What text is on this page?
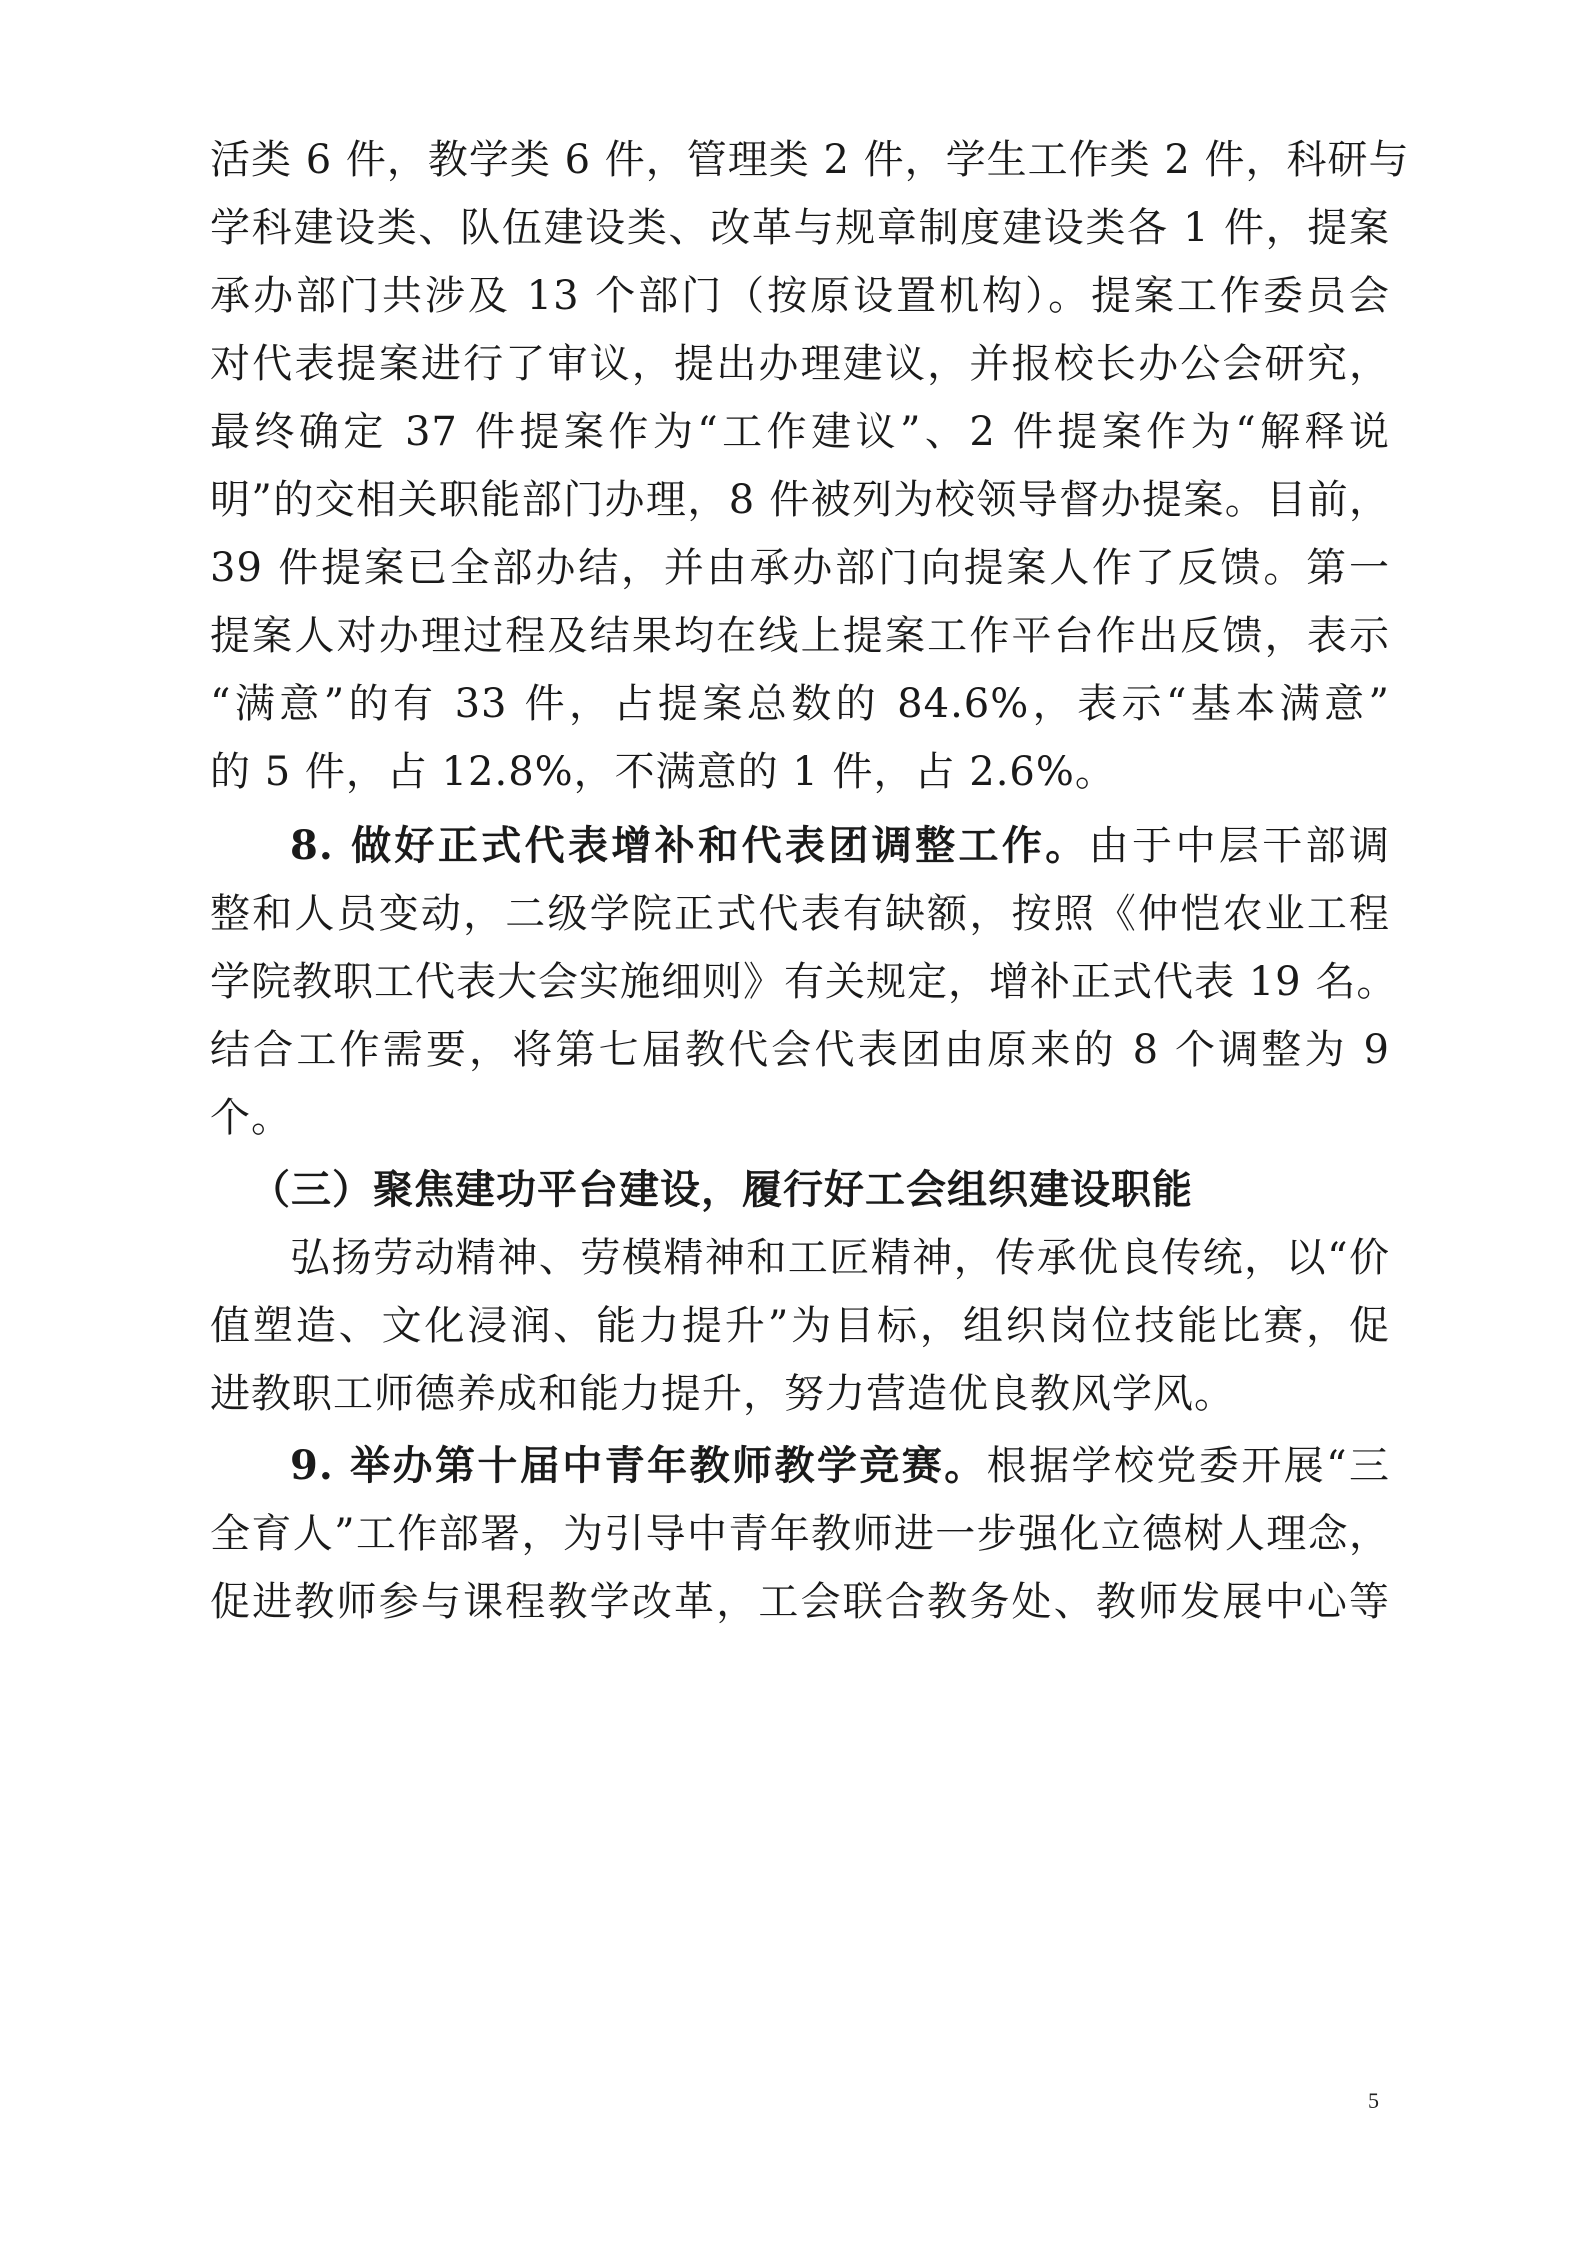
活类 6 件，教学类 6 件，管理类 2 件，学生工作类 2 件，科研与
学科建设类、队伍建设类、改革与规章制度建设类各 1 件，提案
承办部门共涉及 13 个部门（按原设置机构）。提案工作委员会
对代表提案进行了审议，提出办理建议，并报校长办公会研究，
最终确定 37 件提案作为“工作建议”、2 件提案作为“解释说
明”的交相关职能部门办理，8 件被列为校领导督办提案。目前，
39 件提案已全部办结，并由承办部门向提案人作了反馈。第一
提案人对办理过程及结果均在线上提案工作平台作出反馈，表示
“满意”的有 33 件，占提案总数的 84.6%，表示“基本满意”
的 5 件，占 12.8%，不满意的 1 件，占 2.6%。
8. 做好正式代表增补和代表团调整工作。由于中层干部调
整和人员变动，二级学院正式代表有缺额，按照《仲恺农业工程
学院教职工代表大会实施细则》有关规定，增补正式代表 19 名。
结合工作需要，将第七届教代会代表团由原来的 8 个调整为 9
个。
（三）聚焦建功平台建设，履行好工会组织建设职能
弘扬劳动精神、劳模精神和工匠精神，传承优良传统，以“价
值塑造、文化浸润、能力提升”为目标，组织岗位技能比赛，促
进教职工师德养成和能力提升，努力营造优良教风学风。
9. 举办第十届中青年教师教学竞赛。根据学校党委开展“三
全育人”工作部署，为引导中青年教师进一步强化立德树人理念，
促进教师参与课程教学改革，工会联合教务处、教师发展中心等
5
